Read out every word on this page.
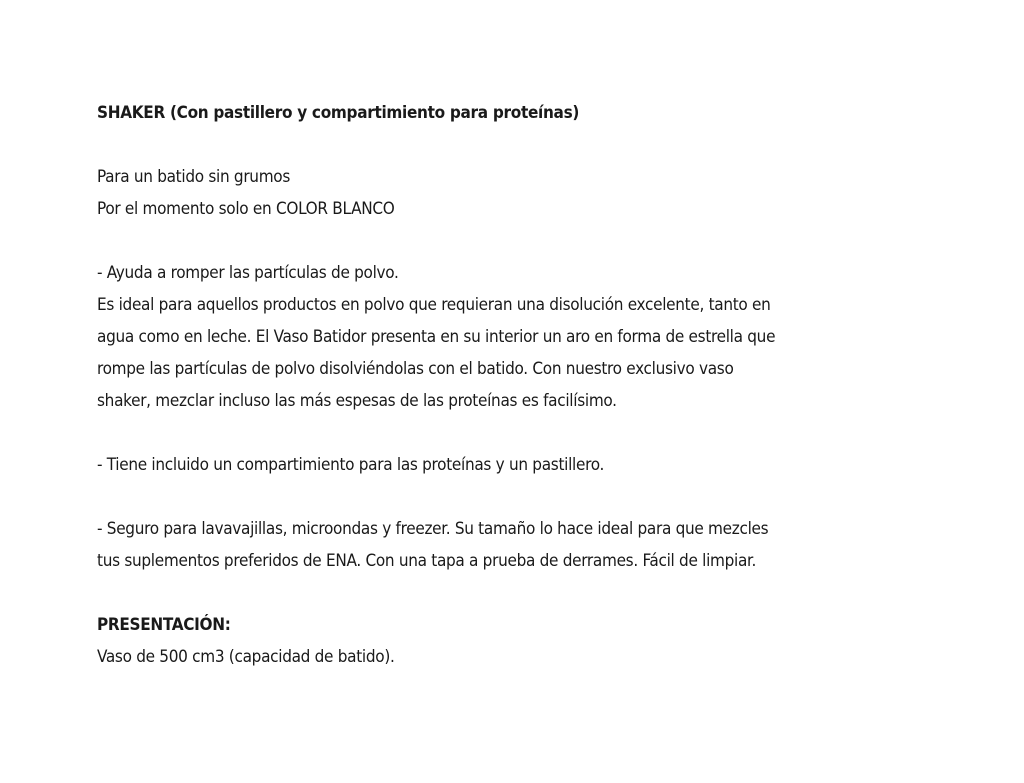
SHAKER (Con pastillero y compartimiento para proteínas)

Para un batido sin grumos

Por el momento solo en COLOR BLANCO

- Ayuda a romper las partículas de polvo.

Es ideal para aquellos productos en polvo que requieran una disolución excelente, tanto en

agua como en leche. El Vaso Batidor presenta en su interior un aro en forma de estrella que

rompe las partículas de polvo disolviéndolas con el batido. Con nuestro exclusivo vaso

shaker, mezclar incluso las más espesas de las proteínas es facilísimo.

- Tiene incluido un compartimiento para las proteínas y un pastillero.

- Seguro para lavavajillas, microondas y freezer. Su tamaño lo hace ideal para que mezcles

tus suplementos preferidos de ENA. Con una tapa a prueba de derrames. Fácil de limpiar.

PRESENTACIÓN:

Vaso de 500 cm3 (capacidad de batido).
